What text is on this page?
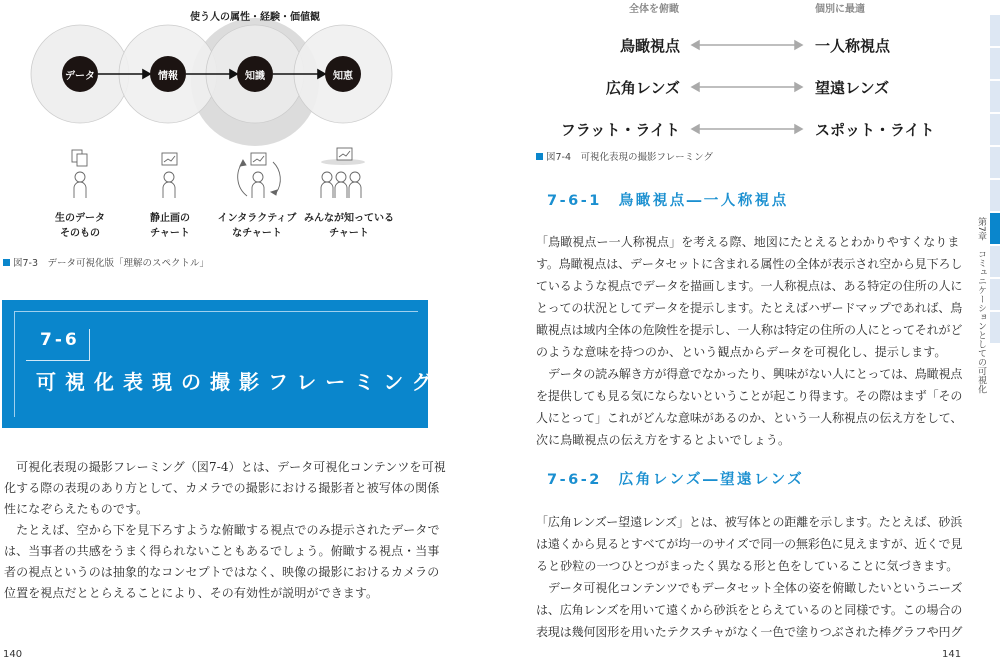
使う人の属性・経験・価値観
データ	情報	知識	知恵
生のデータ
そのもの
静止画の
チャート
インタラクティブ
なチャート
みんなが知っている
チャート
図7-3　データ可視化版「理解のスペクトル」
7-6
可視化表現の撮影フレーミング
　可視化表現の撮影フレーミング（図7-4）とは、データ可視化コンテンツを可視
化する際の表現のあり方として、カメラでの撮影における撮影者と被写体の関係
性になぞらえたものです。
　たとえば、空から下を見下ろすような俯瞰する視点でのみ提示されたデータで
は、当事者の共感をうまく得られないこともあるでしょう。俯瞰する視点・当事
者の視点というのは抽象的なコンセプトではなく、映像の撮影におけるカメラの
位置を視点だととらえることにより、その有効性が説明ができます。
140
全体を俯瞰	個別に最適
鳥瞰視点	一人称視点
広角レンズ	望遠レンズ
フラット・ライト	スポット・ライト
図7-4　可視化表現の撮影フレーミング
7-6-1　鳥瞰視点―一人称視点
「鳥瞰視点ー一人称視点」を考える際、地図にたとえるとわかりやすくなりま
す。鳥瞰視点は、データセットに含まれる属性の全体が表示され空から見下ろし
ているような視点でデータを描画します。一人称視点は、ある特定の住所の人に
とっての状況としてデータを提示します。たとえばハザードマップであれば、鳥
瞰視点は域内全体の危険性を提示し、一人称は特定の住所の人にとってそれがど
のような意味を持つのか、という観点からデータを可視化し、提示します。
　データの読み解き方が得意でなかったり、興味がない人にとっては、鳥瞰視点
を提供しても見る気にならないということが起こり得ます。その際はまず「その
人にとって」これがどんな意味があるのか、という一人称視点の伝え方をして、
次に鳥瞰視点の伝え方をするとよいでしょう。
7-6-2　広角レンズ―望遠レンズ
「広角レンズー望遠レンズ」とは、被写体との距離を示します。たとえば、砂浜
は遠くから見るとすべてが均一のサイズで同一の無彩色に見えますが、近くで見
ると砂粒の一つひとつがまったく異なる形と色をしていることに気づきます。
　データ可視化コンテンツでもデータセット全体の姿を俯瞰したいというニーズ
は、広角レンズを用いて遠くから砂浜をとらえているのと同様です。この場合の
表現は幾何図形を用いたテクスチャがなく一色で塗りつぶされた棒グラフや円グ
141
第7章　コミュニケーションとしての可視化
